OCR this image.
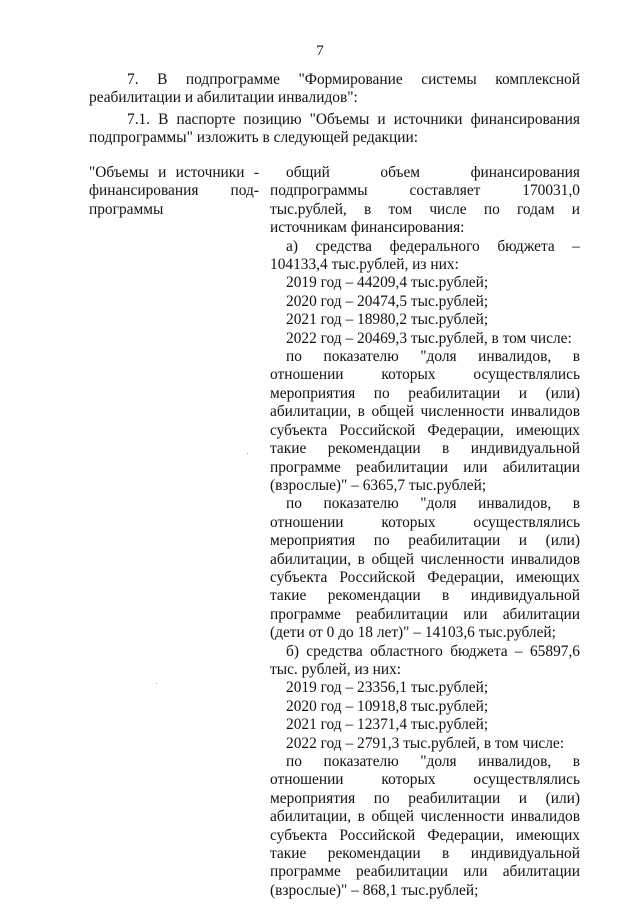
7

7. В подпрограмме "Формирование системы комплексной реабилитации и абилитации инвалидов":

7.1. В паспорте позицию "Объемы и источники финансирования подпрограммы" изложить в следующей редакции:

"Объемы и источники - финансирования под-программы

общий объем финансирования подпрограммы составляет 170031,0 тыс.рублей, в том числе по годам и источникам финансирования:

а) средства федерального бюджета – 104133,4 тыс.рублей, из них:

2019 год – 44209,4 тыс.рублей;

2020 год – 20474,5 тыс.рублей;

2021 год – 18980,2 тыс.рублей;

2022 год – 20469,3 тыс.рублей, в том числе:

по показателю "доля инвалидов, в отношении которых осуществлялись мероприятия по реабилитации и (или) абилитации, в общей численности инвалидов субъекта Российской Федерации, имеющих такие рекомендации в индивидуальной программе реабилитации или абилитации (взрослые)" – 6365,7 тыс.рублей;

по показателю "доля инвалидов, в отношении которых осуществлялись мероприятия по реабилитации и (или) абилитации, в общей численности инвалидов субъекта Российской Федерации, имеющих такие рекомендации в индивидуальной программе реабилитации или абилитации (дети от 0 до 18 лет)" – 14103,6 тыс.рублей;

б) средства областного бюджета – 65897,6 тыс. рублей, из них:

2019 год – 23356,1 тыс.рублей;

2020 год – 10918,8 тыс.рублей;

2021 год – 12371,4 тыс.рублей;

2022 год – 2791,3 тыс.рублей, в том числе:

по показателю "доля инвалидов, в отношении которых осуществлялись мероприятия по реабилитации и (или) абилитации, в общей численности инвалидов субъекта Российской Федерации, имеющих такие рекомендации в индивидуальной программе реабилитации или абилитации (взрослые)" – 868,1 тыс.рублей;
